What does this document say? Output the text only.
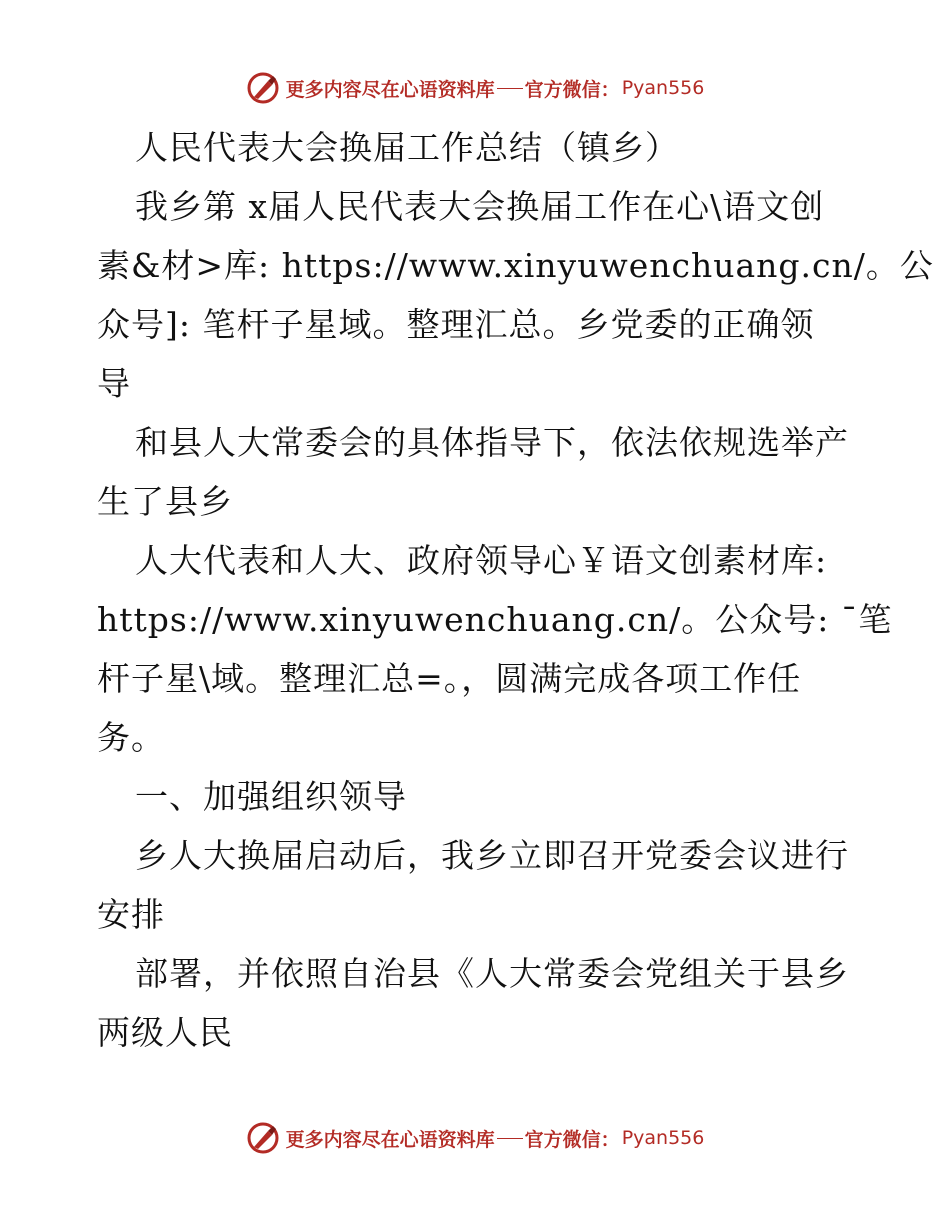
更多内容尽在心语资料库 官方微信： Pyan556
人民代表大会换届工作总结（镇乡）
我乡第 x届人民代表大会换届工作在心\语文创
素&材>库: https://www.xinyuwenchuang.cn/。公
众号]: 笔杆子星域。整理汇总。乡党委的正确领
导
和县人大常委会的具体指导下，依法依规选举产
生了县乡
人大代表和人大、政府领导心￥语文创素材库:
https://www.xinyuwenchuang.cn/。公众号: ¯笔
杆子星\域。整理汇总=。，圆满完成各项工作任
务。
一、加强组织领导
乡人大换届启动后，我乡立即召开党委会议进行
安排
部署，并依照自治县《人大常委会党组关于县乡
两级人民
更多内容尽在心语资料库 官方微信： Pyan556
